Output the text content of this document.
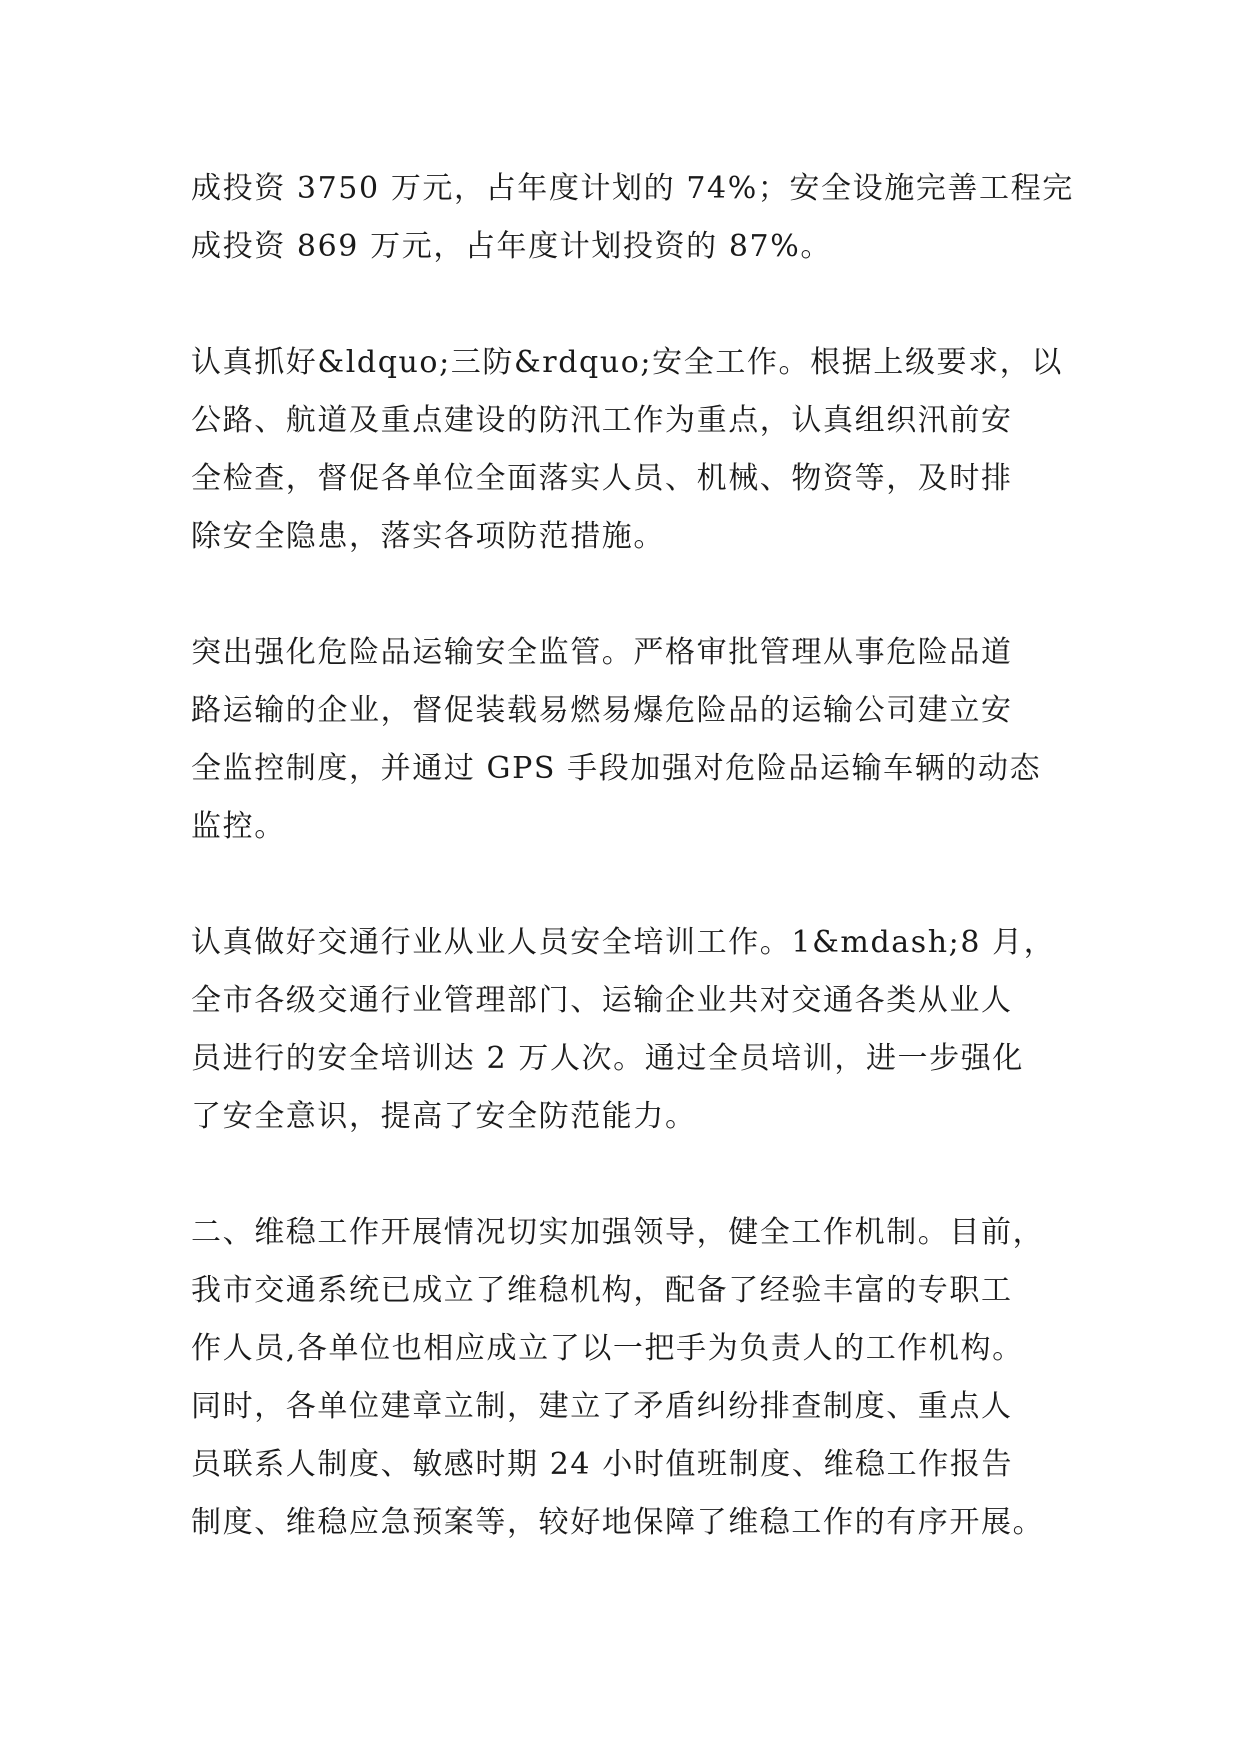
成投资 3750 万元，占年度计划的 74%；安全设施完善工程完
成投资 869 万元，占年度计划投资的 87%。

认真抓好&ldquo;三防&rdquo;安全工作。根据上级要求，以
公路、航道及重点建设的防汛工作为重点，认真组织汛前安
全检查，督促各单位全面落实人员、机械、物资等，及时排
除安全隐患，落实各项防范措施。

突出强化危险品运输安全监管。严格审批管理从事危险品道
路运输的企业，督促装载易燃易爆危险品的运输公司建立安
全监控制度，并通过 GPS 手段加强对危险品运输车辆的动态
监控。

认真做好交通行业从业人员安全培训工作。1&mdash;8 月，
全市各级交通行业管理部门、运输企业共对交通各类从业人
员进行的安全培训达 2 万人次。通过全员培训，进一步强化
了安全意识，提高了安全防范能力。

二、维稳工作开展情况切实加强领导，健全工作机制。目前，
我市交通系统已成立了维稳机构，配备了经验丰富的专职工
作人员,各单位也相应成立了以一把手为负责人的工作机构。
同时，各单位建章立制，建立了矛盾纠纷排查制度、重点人
员联系人制度、敏感时期 24 小时值班制度、维稳工作报告
制度、维稳应急预案等，较好地保障了维稳工作的有序开展。
